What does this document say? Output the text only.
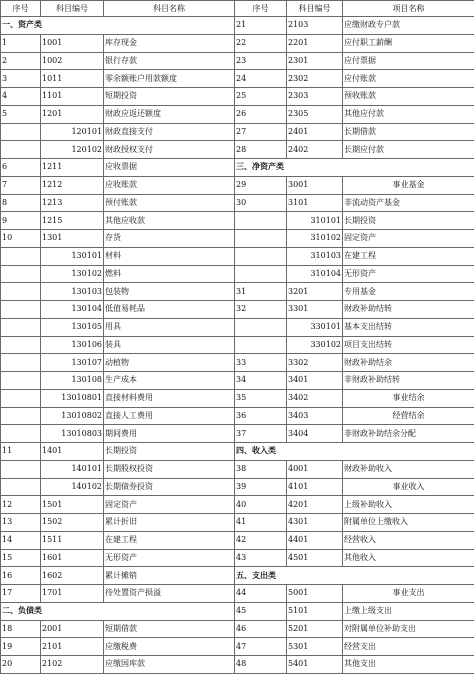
序号	科目编号	科目名称	序号	科目编号	项目名称
一、资产类			21	2103	应缴财政专户款
1	1001	库存现金	22	2201	应付职工薪酬
2	1002	银行存款	23	2301	应付票据
3	1011	零余额账户用款额度	24	2302	应付账款
4	1101	短期投资	25	2303	预收账款
5	1201	财政应返还额度	26	2305	其他应付款
	120101	财政直接支付	27	2401	长期借款
	120102	财政授权支付	28	2402	长期应付款
6	1211	应收票据	三、净资产类		
7	1212	应收账款	29	3001	事业基金
8	1213	预付账款	30	3101	非流动资产基金
9	1215	其他应收款		310101	长期投资
10	1301	存货		310102	固定资产
	130101	材料		310103	在建工程
	130102	燃料		310104	无形资产
	130103	包装物	31	3201	专用基金
	130104	低值易耗品	32	3301	财政补助结转
	130105	用具		330101	基本支出结转
	130106	装具		330102	项目支出结转
	130107	动植物	33	3302	财政补助结余
	130108	生产成本	34	3401	非财政补助结转
	13010801	直接材料费用	35	3402	事业结余
	13010802	直接人工费用	36	3403	经营结余
	13010803	期间费用	37	3404	非财政补助结余分配
11	1401	长期投资	四、收入类		
	140101	长期股权投资	38	4001	财政补助收入
	140102	长期债券投资	39	4101	事业收入
12	1501	固定资产	40	4201	上级补助收入
13	1502	累计折旧	41	4301	附属单位上缴收入
14	1511	在建工程	42	4401	经营收入
15	1601	无形资产	43	4501	其他收入
16	1602	累计摊销	五、支出类		
17	1701	待处置资产损溢	44	5001	事业支出
二、负债类			45	5101	上缴上级支出
18	2001	短期借款	46	5201	对附属单位补助支出
19	2101	应缴税费	47	5301	经营支出
20	2102	应缴国库款	48	5401	其他支出
